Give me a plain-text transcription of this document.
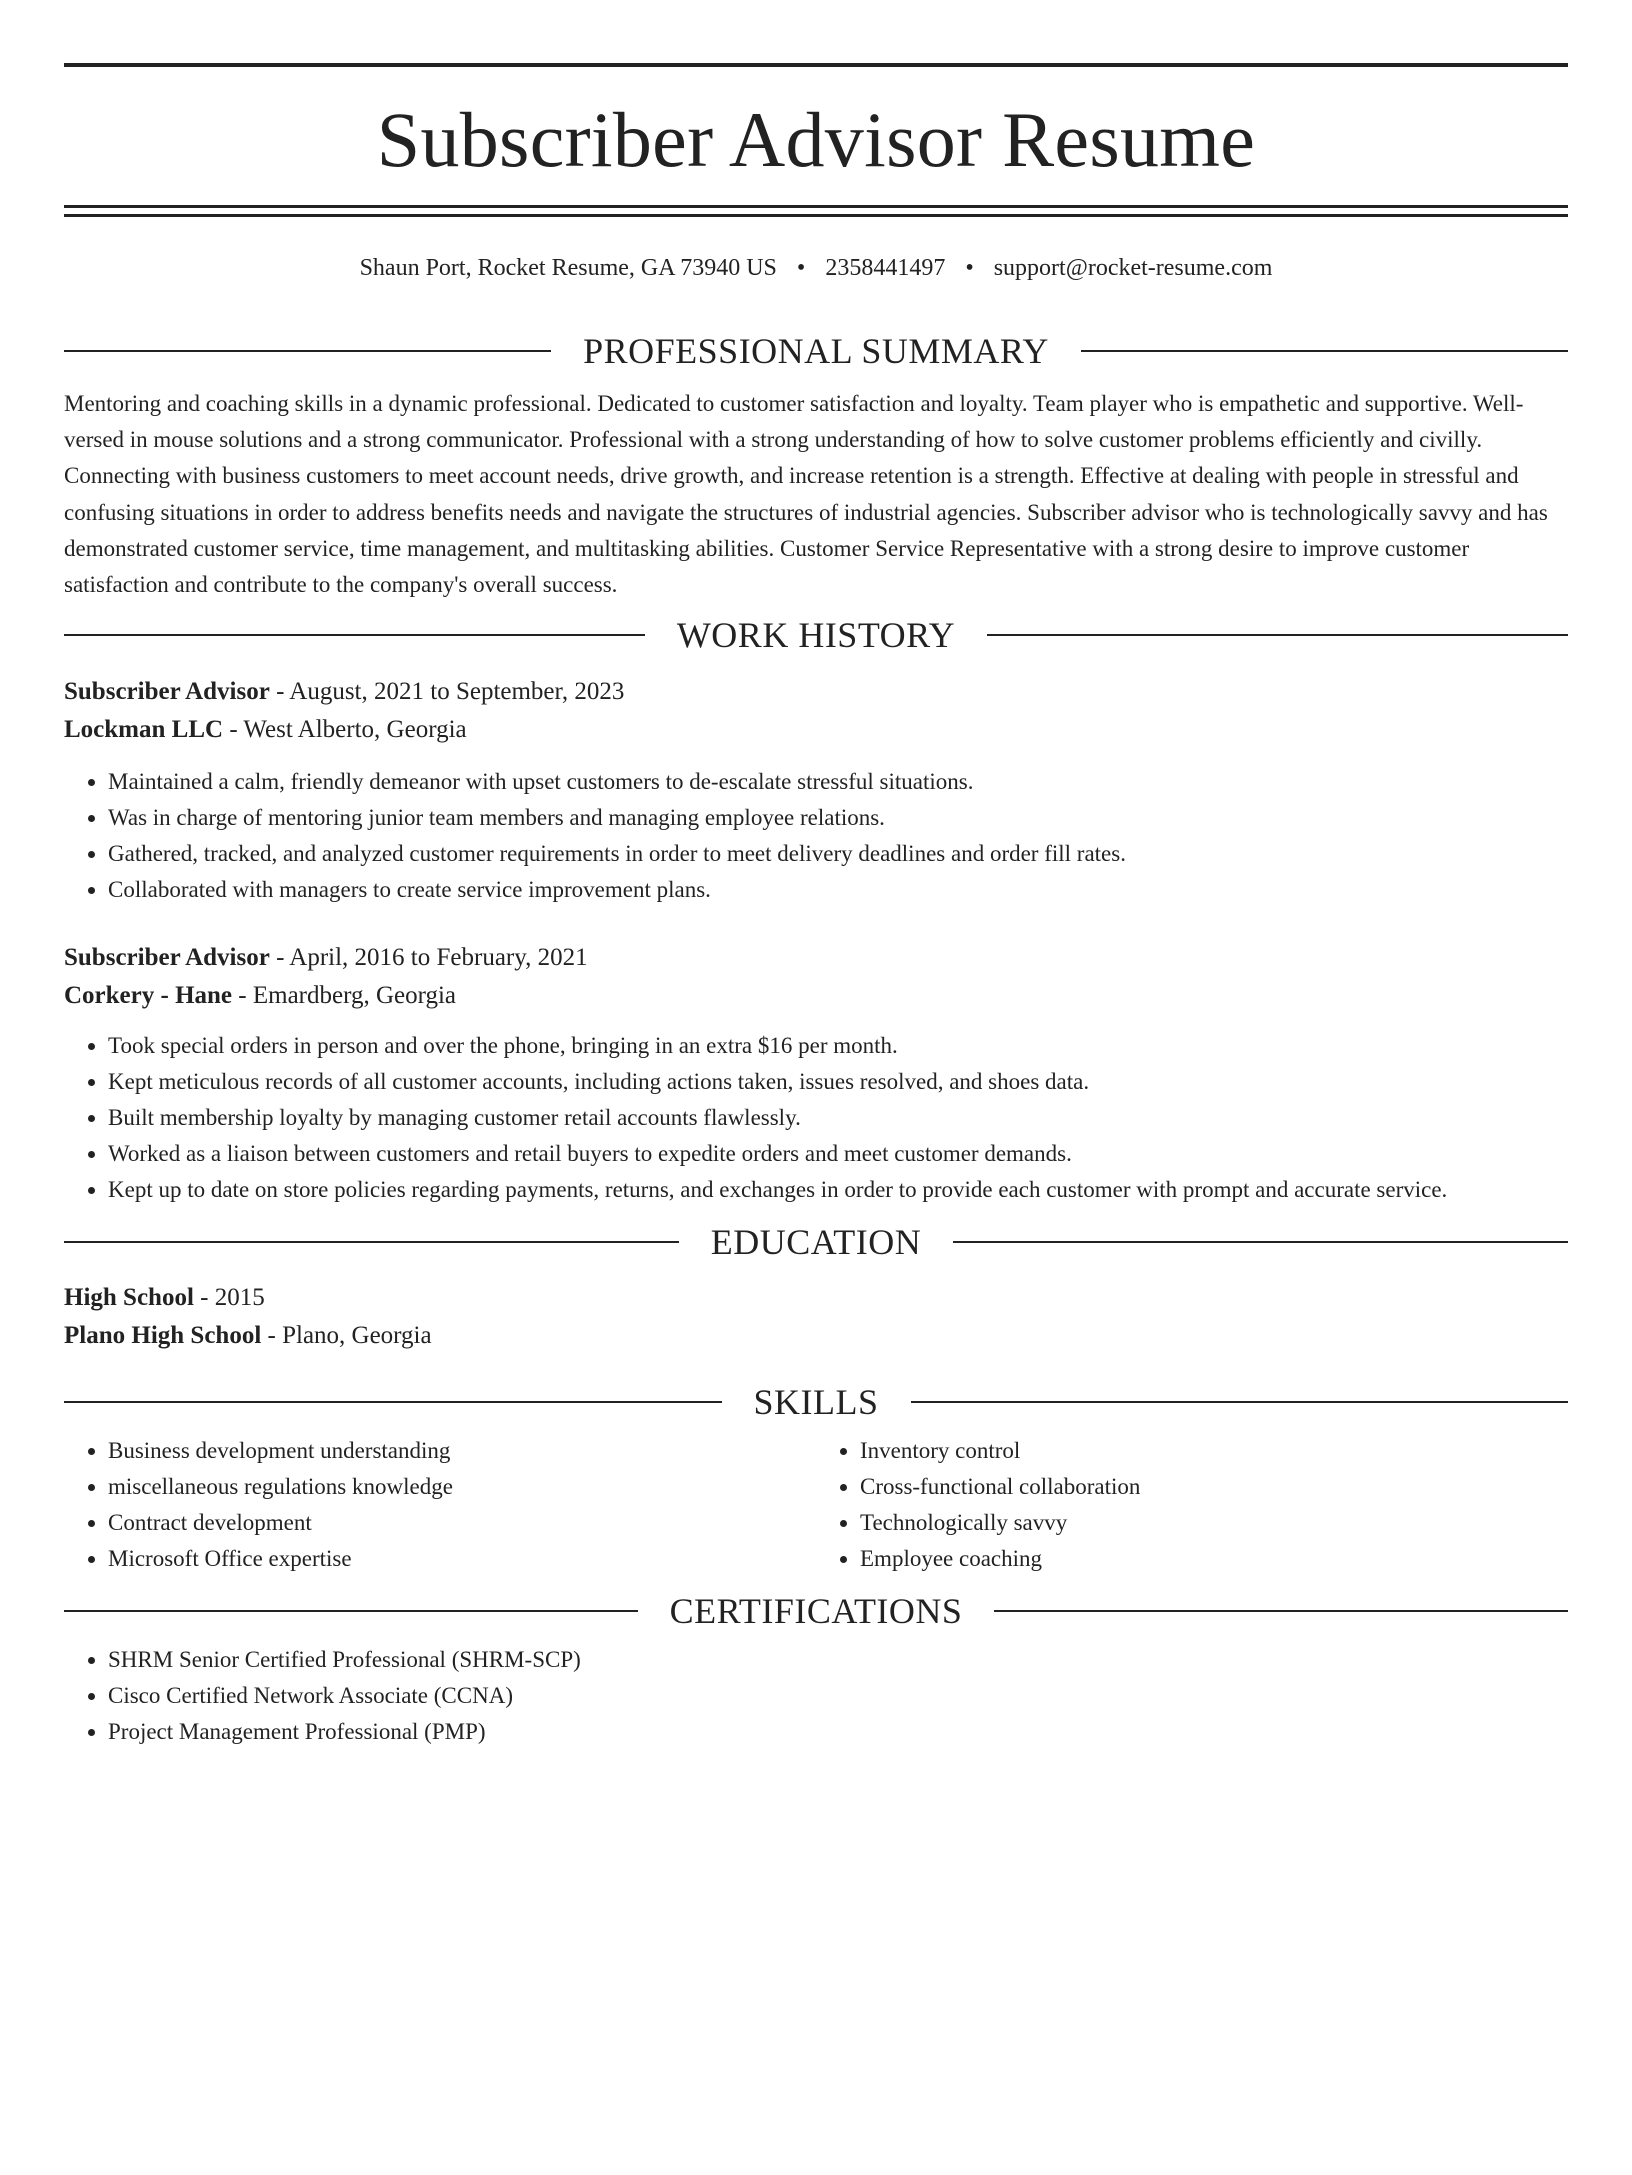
Subscriber Advisor Resume
Shaun Port, Rocket Resume, GA 73940 US • 2358441497 • support@rocket-resume.com
PROFESSIONAL SUMMARY

Mentoring and coaching skills in a dynamic professional. Dedicated to customer satisfaction and loyalty. Team player who is empathetic and supportive. Well-versed in mouse solutions and a strong communicator. Professional with a strong understanding of how to solve customer problems efficiently and civilly. Connecting with business customers to meet account needs, drive growth, and increase retention is a strength. Effective at dealing with people in stressful and confusing situations in order to address benefits needs and navigate the structures of industrial agencies. Subscriber advisor who is technologically savvy and has demonstrated customer service, time management, and multitasking abilities. Customer Service Representative with a strong desire to improve customer satisfaction and contribute to the company's overall success.

WORK HISTORY
Subscriber Advisor - August, 2021 to September, 2023
Lockman LLC - West Alberto, Georgia
• Maintained a calm, friendly demeanor with upset customers to de-escalate stressful situations.
• Was in charge of mentoring junior team members and managing employee relations.
• Gathered, tracked, and analyzed customer requirements in order to meet delivery deadlines and order fill rates.
• Collaborated with managers to create service improvement plans.
Subscriber Advisor - April, 2016 to February, 2021
Corkery - Hane - Emardberg, Georgia
• Took special orders in person and over the phone, bringing in an extra $16 per month.
• Kept meticulous records of all customer accounts, including actions taken, issues resolved, and shoes data.
• Built membership loyalty by managing customer retail accounts flawlessly.
• Worked as a liaison between customers and retail buyers to expedite orders and meet customer demands.
• Kept up to date on store policies regarding payments, returns, and exchanges in order to provide each customer with prompt and accurate service.
EDUCATION
High School - 2015
Plano High School - Plano, Georgia
SKILLS
• Business development understanding
• miscellaneous regulations knowledge
• Contract development
• Microsoft Office expertise
• Inventory control
• Cross-functional collaboration
• Technologically savvy
• Employee coaching
CERTIFICATIONS
• SHRM Senior Certified Professional (SHRM-SCP)
• Cisco Certified Network Associate (CCNA)
• Project Management Professional (PMP)
